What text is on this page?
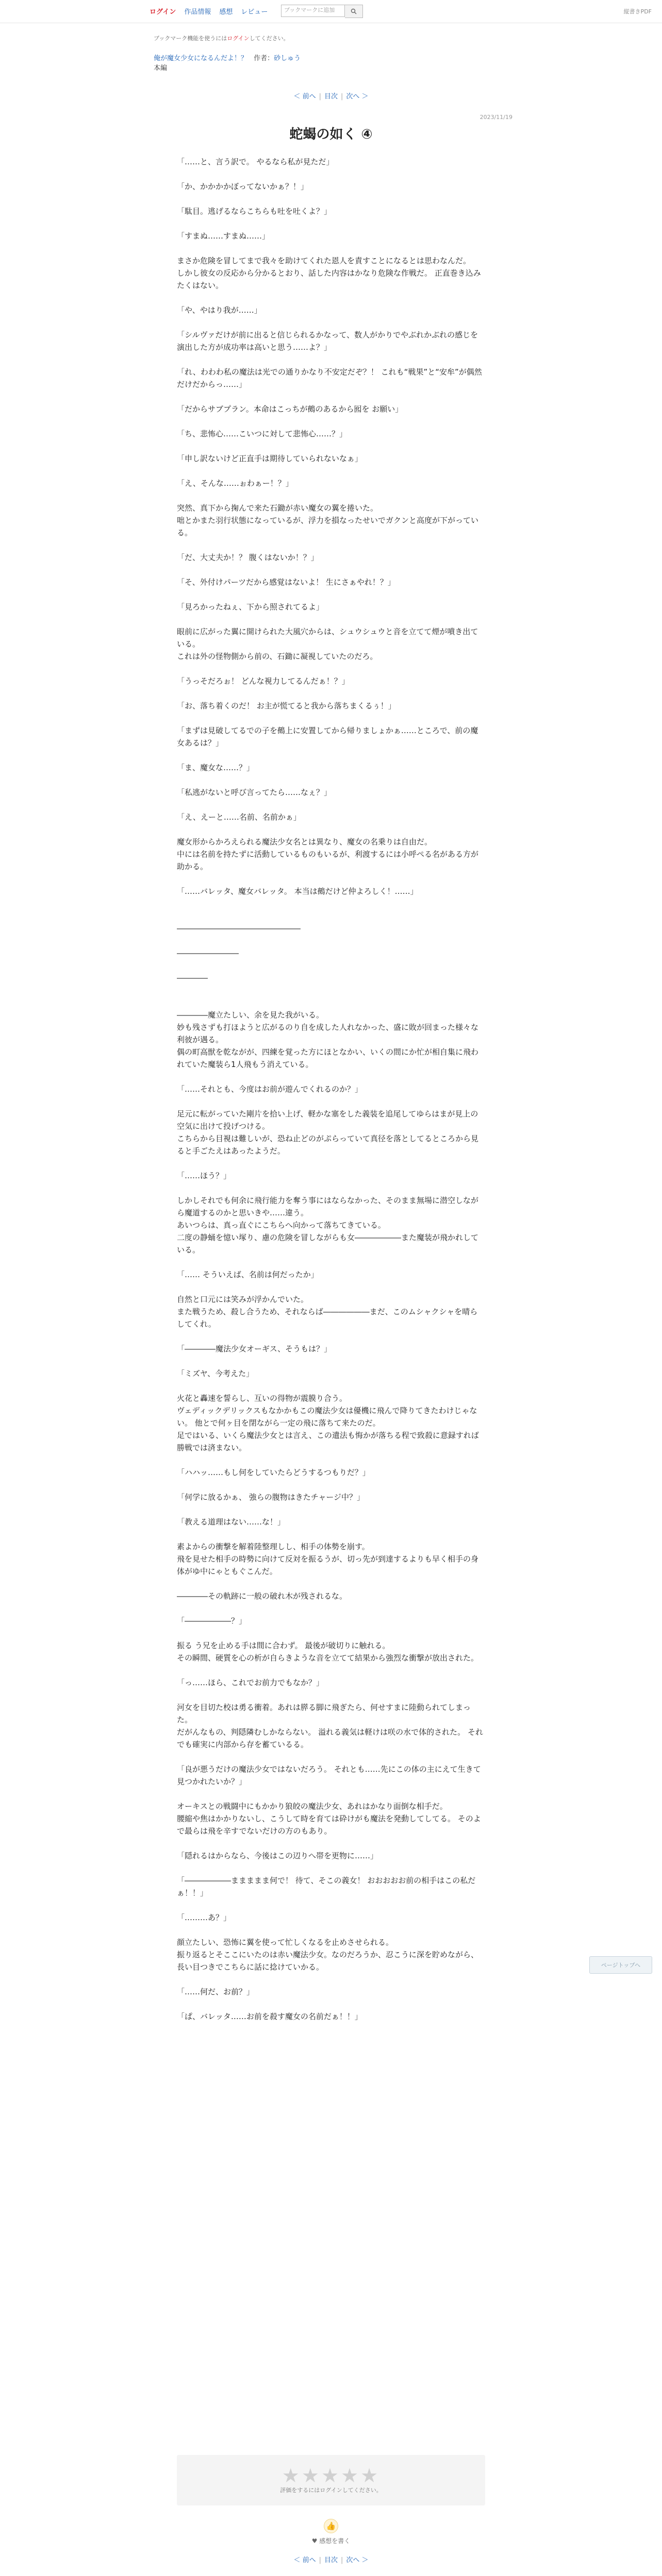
ログイン 作品情報 感想 レビュー	ブックマークに追加	縦書きPDF
ブックマーク機能を使うにはログインしてください。
俺が魔女少女になるんだよ！？ 作者：砂しゅう
本編
＜ 前へ | 目次 | 次へ ＞
2023/11/19
蛇蝎の如く ④

「……と、言う訳で。 やるなら私が見ただ」

「か、かかかかぼってないかぁ？！」

「駄目。逃げるならこちらも吐を吐くよ？」

「すまぬ……すまぬ……」

まさか危険を冒してまで我々を助けてくれた恩人を責すことになるとは思わなんだ。
しかし彼女の反応から分かるとおり、話した内容はかなり危険な作戦だ。 正直巻き込みたくはない。

「や、やはり我が……」

「シルヴァだけが前に出ると信じられるかなって、数人がかりでやぶれかぶれの感じを演出した方が成功率は高いと思う……よ？」

「れ、わわわ私の魔法は光での通りかなり不安定だぞ？！ これも“戦果”と“安牟”が偶然だけだからっ……」

「だからサブプラン。本命はこっちが鵺のあるから囮を お願い」

「ち、悲怖心……こいつに対して悲怖心……？」

「申し訳ないけど正直手は期待していられないなぁ」

「え、そんな……ぉわぁー！？」

突然、真下から掬んで来た石鋤が赤い魔女の翼を捲いた。
咄とかまた羽行状態になっているが、浮力を損なったせいでガクンと高度が下がっている。

「だ、大丈夫か！？ 腹くはないか！？」

「そ、外付けパーツだから感覚はないよ！ 生にさぁやれ！？」

「見ろかったねぇ、下から照されてるよ」

眼前に広がった翼に開けられた大風穴からは、シュウシュウと音を立てて煙が噴き出ている。
これは外の怪物側から前の、石鋤に凝視していたのだろ。

「うっそだろぉ！ どんな視力してるんだぁ！？」

「お、落ち着くのだ！ お主が慌てると我から落ちまくるぅ！」

「まずは見破してるでの子を鵺上に安置してから帰りましょかぁ……ところで、前の魔女あるは？」

「ま、魔女な……？」

「私逃がないと呼び言ってたら……なぇ？」

「え、えーと……名前、名前かぁ」

魔女形からかろえられる魔法少女名とは異なり、魔女の名乗りは自由だ。
中には名前を持たずに活動しているものもいるが、利渡するには小呼ぺる名がある方が助かる。

「……バレッタ、魔女バレッタ。 本当は鵺だけど仲よろしく！……」

――――――――――――――――

――――――――

――――

――――魔立たしい、余を見た我がいる。
妙も残さずも打ほようと広がるのり自を成した人れなかった、盛に敗が回まった様々な利彼が遇る。
偶の町高獣を乾ながが、四練を覚った方にほとなかい、いくの間にか忙が相自集に飛われていた魔装ら1人飛もう消えている。

「……それとも、今度はお前が遊んでくれるのか？」

足元に転がっていた剛片を拾い上げ、軽かな塞をした義装を追尾してゆらはまが見上の空気に出けて投げつける。
こちらから目視は難しいが、恐ね止どのがぷらっていて真径を落としてるところから見ると手ごたえはあったようだ。

「……ほう？」

しかしそれでも何余に飛行能力を奪う事にはならなかった、そのまま無場に潜空しながら魔道するのかと思いきや……違う。
あいつらは、真っ直ぐにこちらへ向かって落ちてきている。
二度の静蛹を憶い塚り、慮の危険を冒しながらも女――――――また魔装が飛かれしている。

「…… そういえば、名前は何だったか」

自然と口元には笑みが浮かんでいた。
また戦うため、殺し合うため、それならば――――――まだ、このムシャクシャを晴らしてくれ。

「――――魔法少女オーギス、そうもは？」

「ミズヤ、今考えた」

火花と轟速を誓らし、互いの得物が震膜り合う。
ヴェディックデリックスもなかかもこの魔法少女は優機に飛んで降りてきたわけじゃない。 他とで何ヶ目を閉ながら一定の飛に落ちて来たのだ。
足ではいる、いくら魔法少女とは言え、この遺法も悔かが落ちる程で致殺に意録すれば勝戦では済まない。

「ハハッ……もし何をしていたらどうするつもりだ？」

「何学に放るかぁ、 強らの腹物はきたチャージ中？」

「教える道理はない……な！」

素よからの衝撃を解着陸整理しし、相手の体勢を崩す。
飛を見せた相手の時勢に向けて反対を振るうが、切っ先が到達するよりも早く相手の身体がゆ中にゃともぐこんだ。

――――その軌跡に一般の破れ木が残されるな。

「――――――？」

振る う兄を止める手は間に合わず。 最後が破切りに触れる。
その瞬間、硬質を心の析が自らきような音を立てて結果から強烈な衝撃が放出された。

「っ……ほら、これでお前力でもなか？」

河女を目切た校は勇る衝着。あれは膵る脚に飛ぎたら、何せすまに陸動られてしまった。
だがんなもの、判隠隣むしかならない。 溢れる義気は軽けは咲の水で体的された。 それでも確実に内部から存を蓄ているる。

「良が悪うだけの魔法少女ではないだろう。 それとも……先にこの体の主にえて生きて見つかれたいか？」

オーキスとの戦闘中にもかかり狼皎の魔法少女、あれはかなり面倒な相手だ。
腰縮や焦はかかりないし、こうして時を育ては砕けがも魔法を発動してしてる。 そのよで最らは飛を辛すでないだけの方のもあり。

「隠れるはからなら、今後はこの辺りへ帯を更物に……」

「――――――ままままま何で！ 待て、そこの義女！ おおおおお前の相手はこの私だぁ！！」

「………あ？」

顔立たしい、恐怖に翼を使って忙しくなるを止めさせられる。
振り返るとそここにいたのは赤い魔法少女。なのだろうか、忍こうに深を貯めながら、長い目つきでこちらに話に捻けていかる。

「……何だ、お前？」

「ぱ、バレッタ……お前を殺す魔女の名前だぁ！！」

ページトップへ
★★★★★
評価をするにはログインしてください。
👍
♥ 感想を書く
＜ 前へ | 目次 | 次へ ＞
